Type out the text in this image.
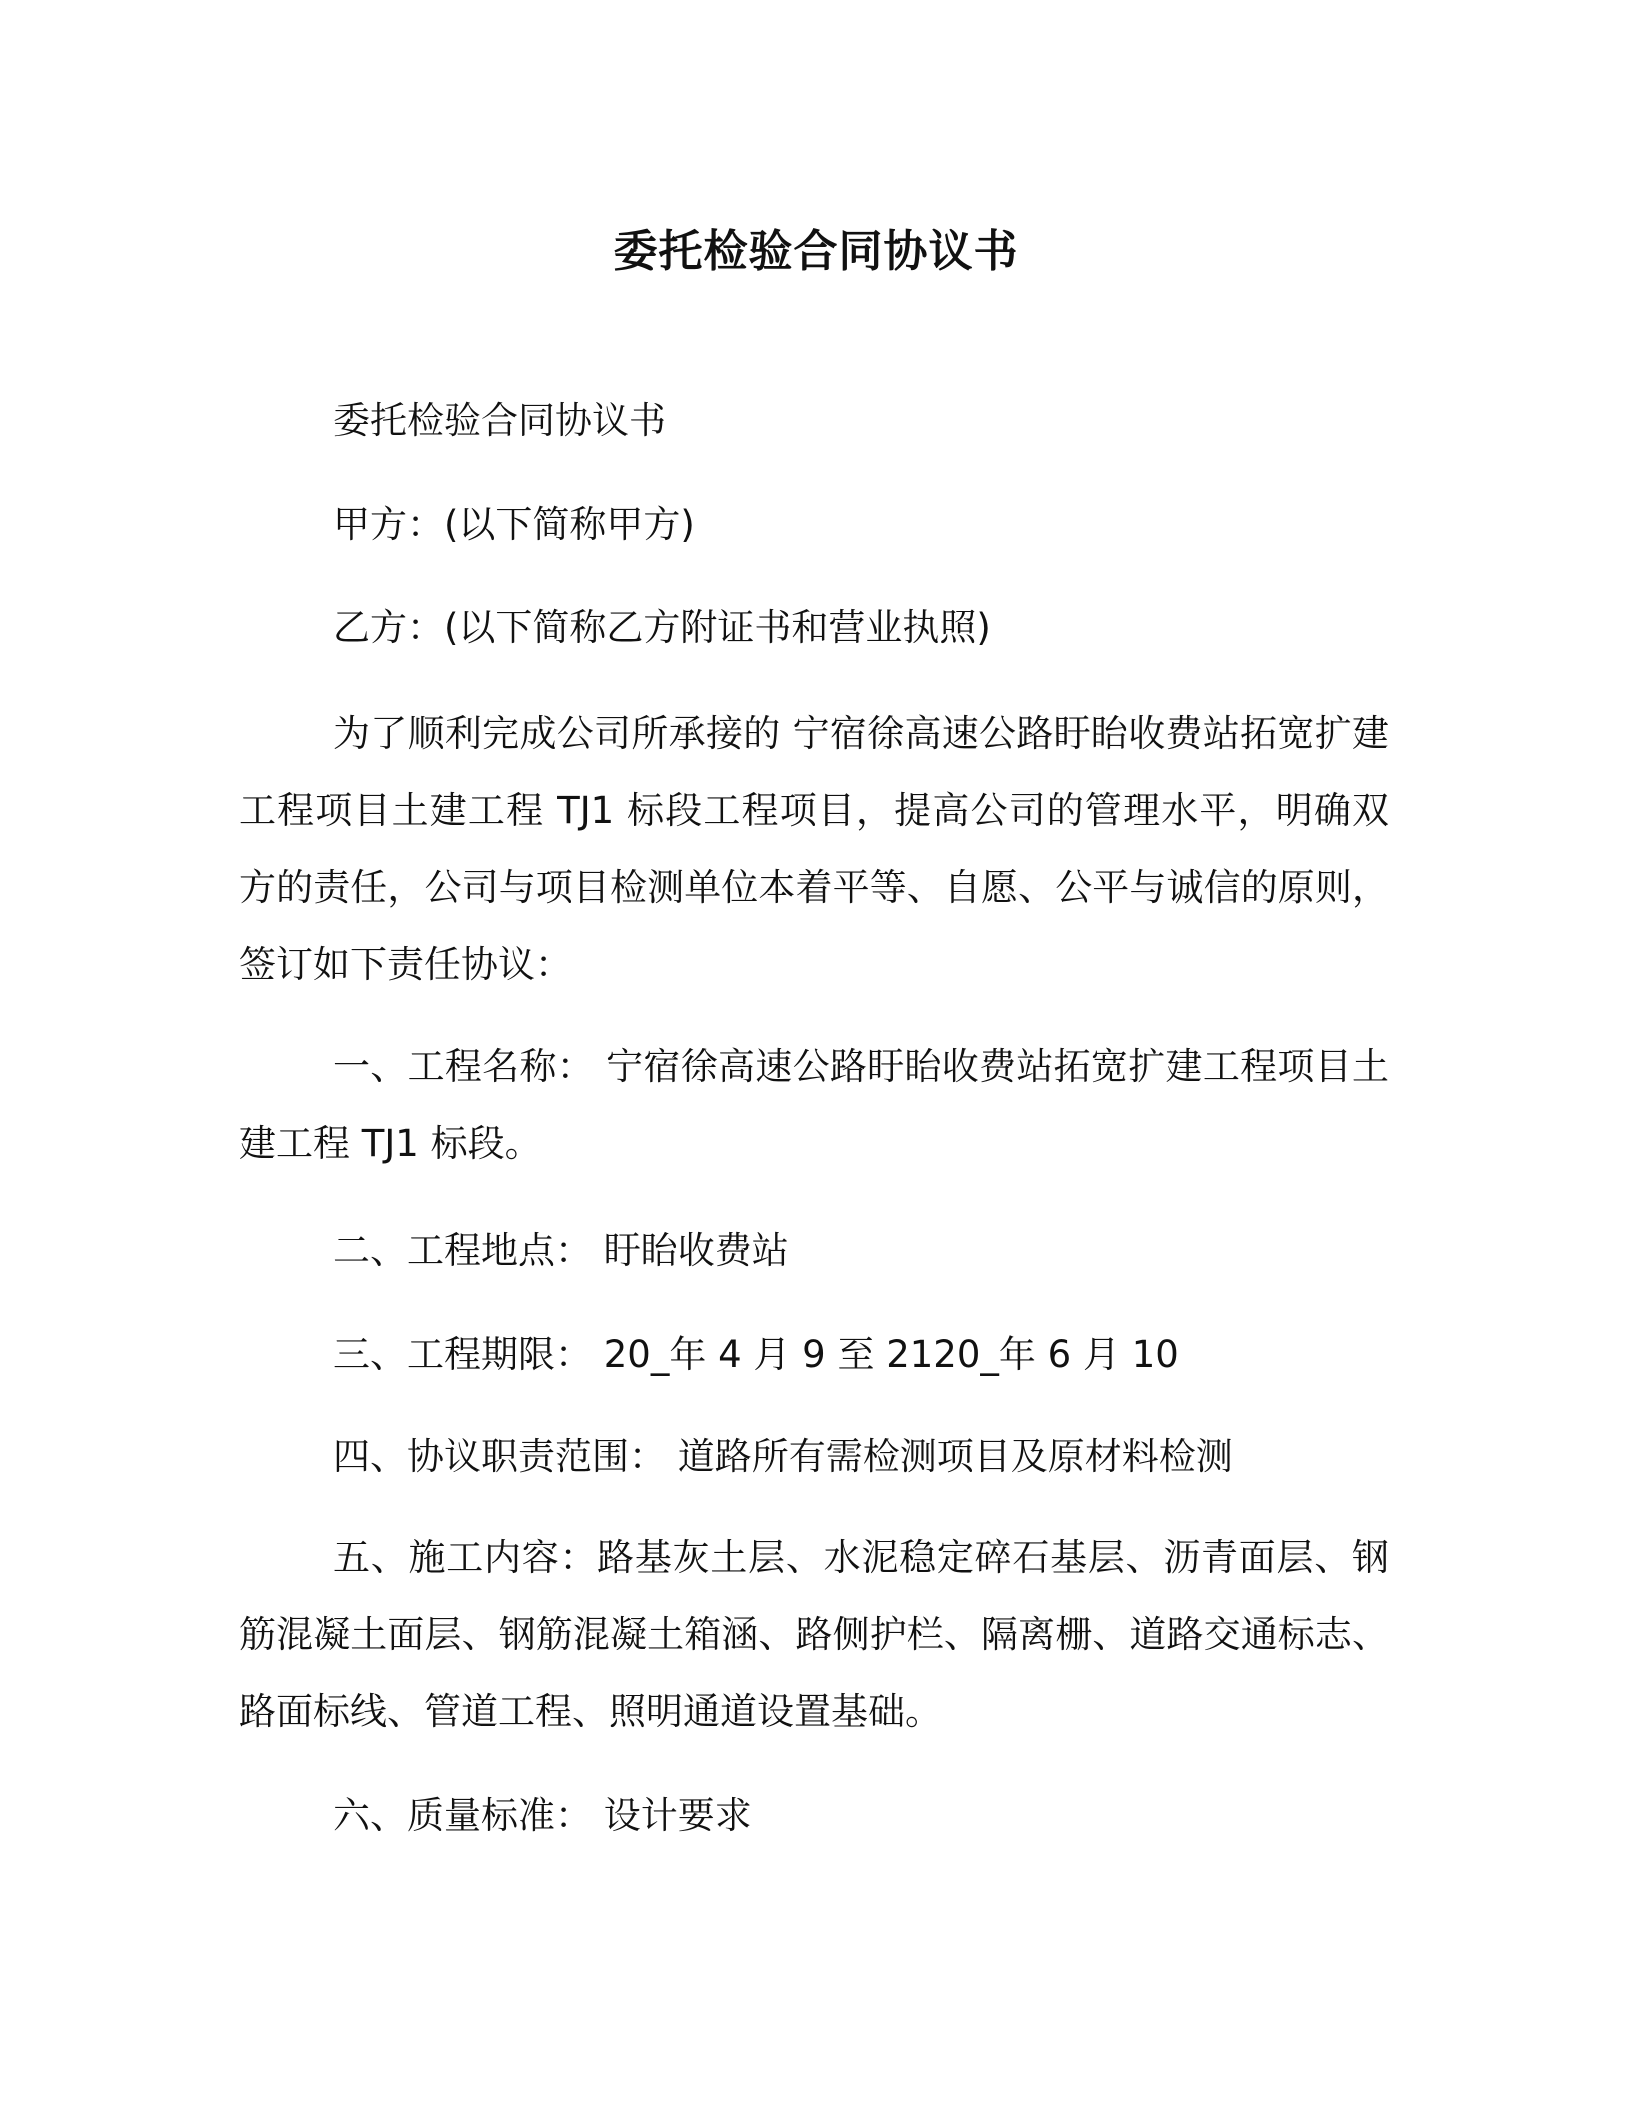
委托检验合同协议书
委托检验合同协议书
甲方：(以下简称甲方)
乙方：(以下简称乙方附证书和营业执照)
为了顺利完成公司所承接的 宁宿徐高速公路盱眙收费站拓宽扩建工程项目土建工程 TJ1 标段工程项目，提高公司的管理水平，明确双方的责任，公司与项目检测单位本着平等、自愿、公平与诚信的原则，签订如下责任协议：
一、工程名称： 宁宿徐高速公路盱眙收费站拓宽扩建工程项目土建工程 TJ1 标段。
二、工程地点： 盱眙收费站
三、工程期限： 20_年 4 月 9 至 2120_年 6 月 10
四、协议职责范围： 道路所有需检测项目及原材料检测
五、施工内容：路基灰土层、水泥稳定碎石基层、沥青面层、钢筋混凝土面层、钢筋混凝土箱涵、路侧护栏、隔离栅、道路交通标志、路面标线、管道工程、照明通道设置基础。
六、质量标准： 设计要求
